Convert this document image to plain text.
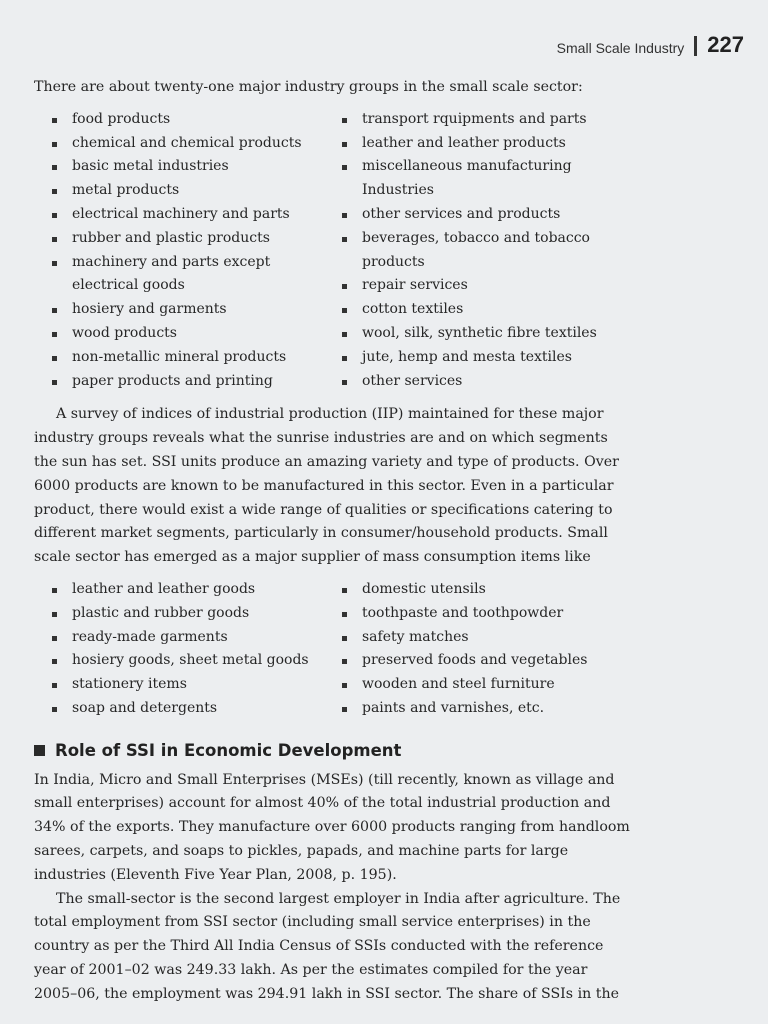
Small Scale Industry 227

There are about twenty-one major industry groups in the small scale sector:

food products
chemical and chemical products
basic metal industries
metal products
electrical machinery and parts
rubber and plastic products
machinery and parts except electrical goods
hosiery and garments
wood products
non-metallic mineral products
paper products and printing
transport rquipments and parts
leather and leather products
miscellaneous manufacturing Industries
other services and products
beverages, tobacco and tobacco products
repair services
cotton textiles
wool, silk, synthetic fibre textiles
jute, hemp and mesta textiles
other services

A survey of indices of industrial production (IIP) maintained for these major industry groups reveals what the sunrise industries are and on which segments the sun has set. SSI units produce an amazing variety and type of products. Over 6000 products are known to be manufactured in this sector. Even in a particular product, there would exist a wide range of qualities or specifications catering to different market segments, particularly in consumer/household products. Small scale sector has emerged as a major supplier of mass consumption items like

leather and leather goods
plastic and rubber goods
ready-made garments
hosiery goods, sheet metal goods
stationery items
soap and detergents
domestic utensils
toothpaste and toothpowder
safety matches
preserved foods and vegetables
wooden and steel furniture
paints and varnishes, etc.
Role of SSI in Economic Development

In India, Micro and Small Enterprises (MSEs) (till recently, known as village and small enterprises) account for almost 40% of the total industrial production and 34% of the exports. They manufacture over 6000 products ranging from handloom sarees, carpets, and soaps to pickles, papads, and machine parts for large industries (Eleventh Five Year Plan, 2008, p. 195).

The small-sector is the second largest employer in India after agriculture. The total employment from SSI sector (including small service enterprises) in the country as per the Third All India Census of SSIs conducted with the reference year of 2001–02 was 249.33 lakh. As per the estimates compiled for the year 2005–06, the employment was 294.91 lakh in SSI sector. The share of SSIs in the
